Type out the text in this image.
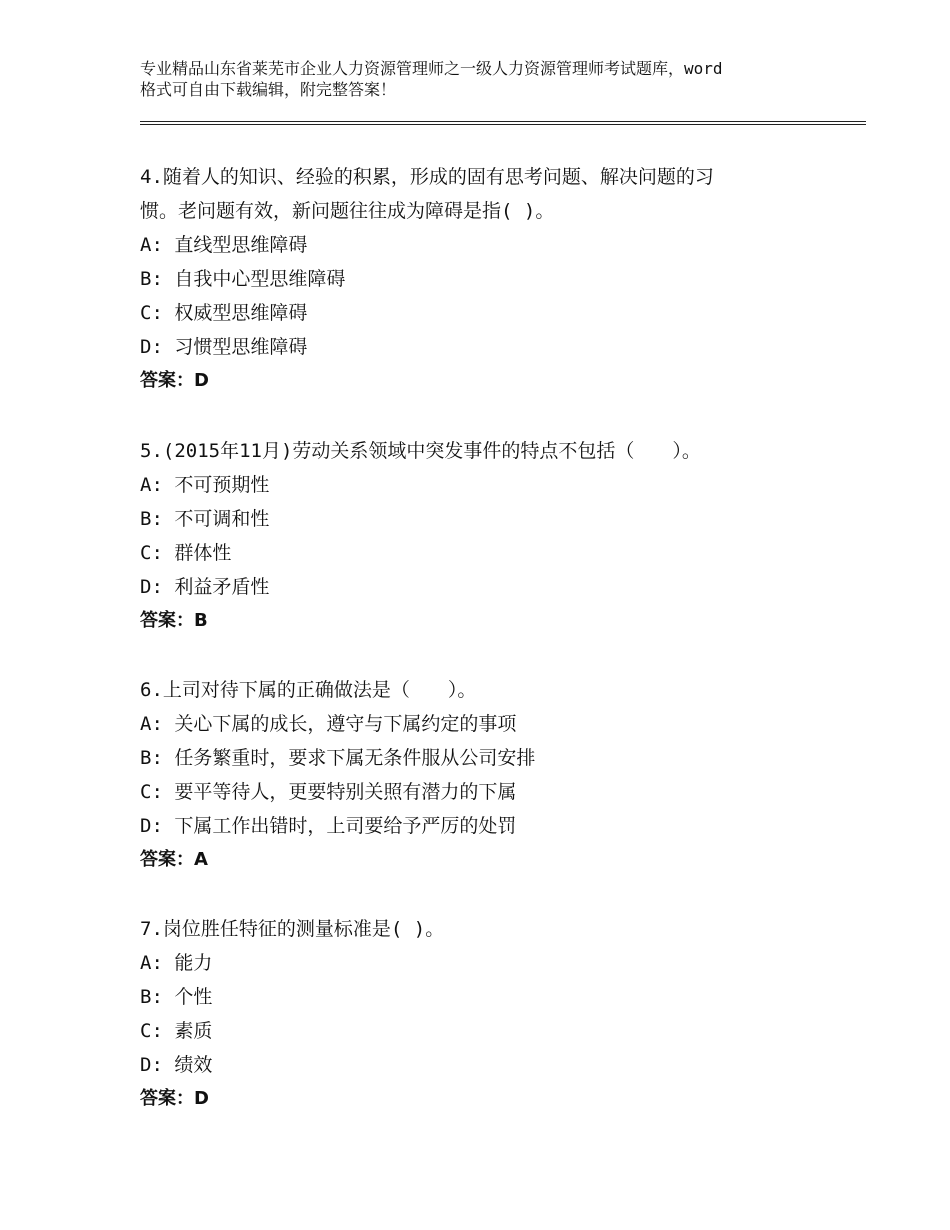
专业精品山东省莱芜市企业人力资源管理师之一级人力资源管理师考试题库，word
格式可自由下载编辑，附完整答案！

4.随着人的知识、经验的积累，形成的固有思考问题、解决问题的习

惯。老问题有效，新问题往往成为障碍是指( )。

A: 直线型思维障碍

B: 自我中心型思维障碍

C: 权威型思维障碍

D: 习惯型思维障碍

答案：D

5.(2015年11月)劳动关系领域中突发事件的特点不包括（　　）。

A: 不可预期性

B: 不可调和性

C: 群体性

D: 利益矛盾性

答案：B

6.上司对待下属的正确做法是（　　）。

A: 关心下属的成长，遵守与下属约定的事项

B: 任务繁重时，要求下属无条件服从公司安排

C: 要平等待人，更要特别关照有潜力的下属

D: 下属工作出错时，上司要给予严厉的处罚

答案：A

7.岗位胜任特征的测量标准是( )。

A: 能力

B: 个性

C: 素质

D: 绩效

答案：D
